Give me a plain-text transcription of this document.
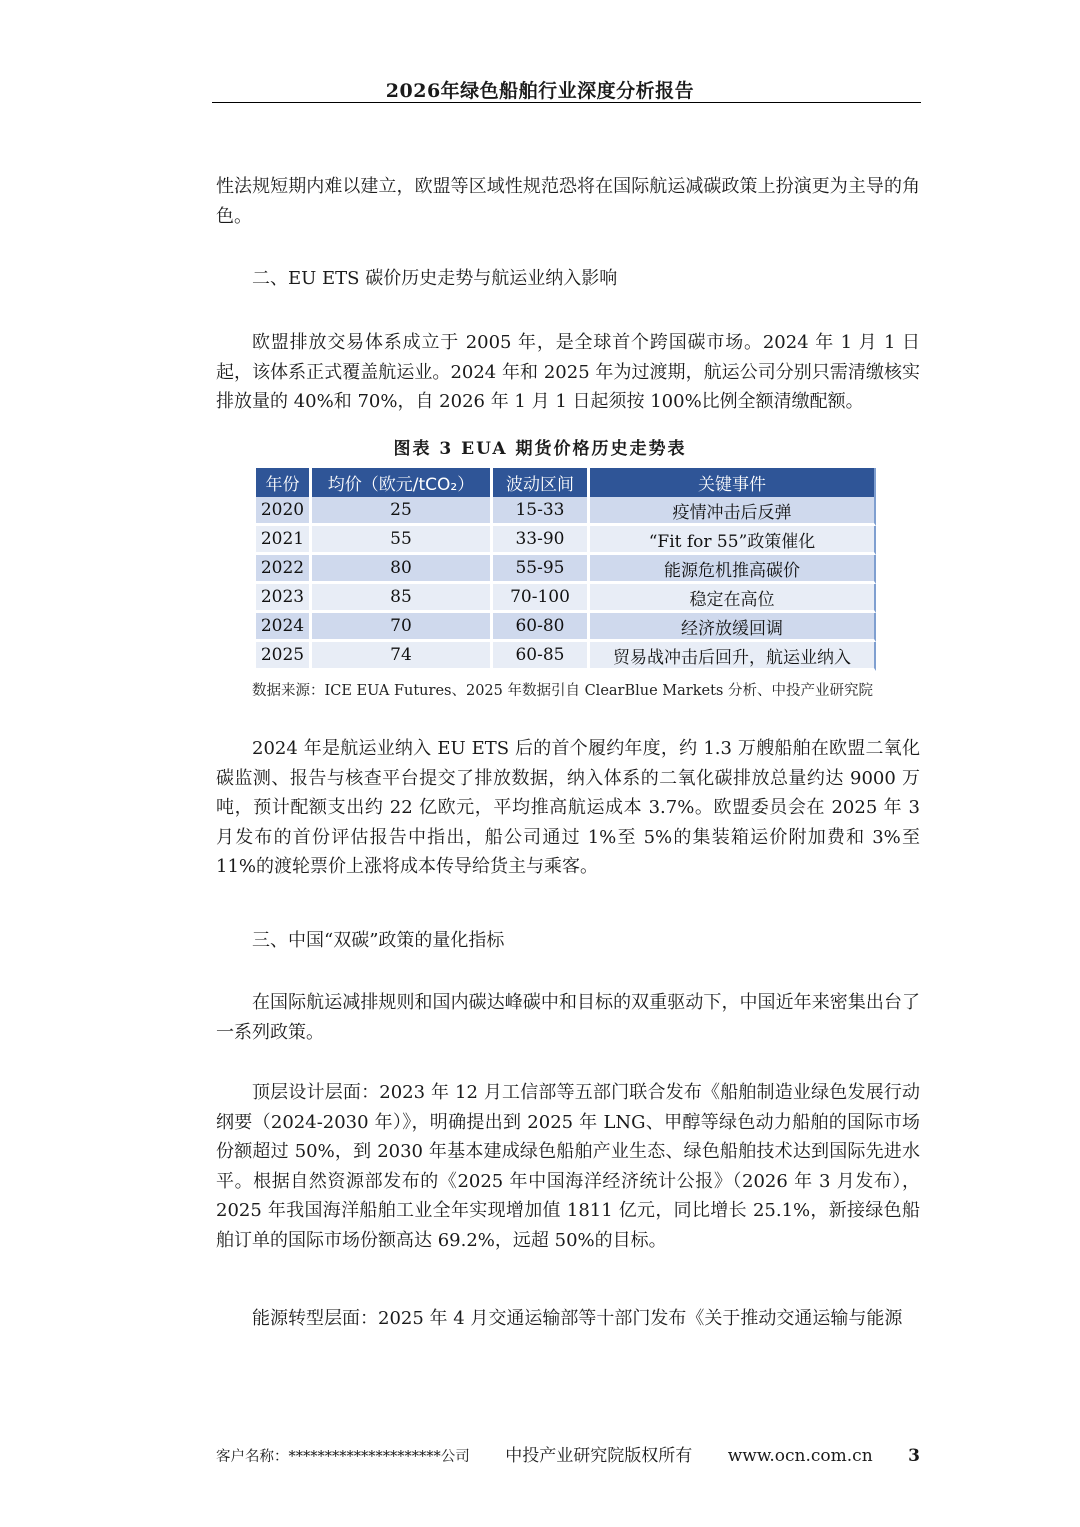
2026年绿色船舶行业深度分析报告

性法规短期内难以建立，欧盟等区域性规范恐将在国际航运减碳政策上扮演更为主导的角色。

二、EU ETS 碳价历史走势与航运业纳入影响

欧盟排放交易体系成立于 2005 年，是全球首个跨国碳市场。2024 年 1 月 1 日起，该体系正式覆盖航运业。2024 年和 2025 年为过渡期，航运公司分别只需清缴核实排放量的 40%和 70%，自 2026 年 1 月 1 日起须按 100%比例全额清缴配额。

图表 3 EUA 期货价格历史走势表
年份	均价（欧元/tCO₂）	波动区间	关键事件
2020	25	15-33	疫情冲击后反弹
2021	55	33-90	“Fit for 55”政策催化
2022	80	55-95	能源危机推高碳价
2023	85	70-100	稳定在高位
2024	70	60-80	经济放缓回调
2025	74	60-85	贸易战冲击后回升，航运业纳入
数据来源：ICE EUA Futures、2025 年数据引自 ClearBlue Markets 分析、中投产业研究院

2024 年是航运业纳入 EU ETS 后的首个履约年度，约 1.3 万艘船舶在欧盟二氧化碳监测、报告与核查平台提交了排放数据，纳入体系的二氧化碳排放总量约达 9000 万吨，预计配额支出约 22 亿欧元，平均推高航运成本 3.7%。欧盟委员会在 2025 年 3 月发布的首份评估报告中指出，船公司通过 1%至 5%的集装箱运价附加费和 3%至 11%的渡轮票价上涨将成本传导给货主与乘客。

三、中国“双碳”政策的量化指标

在国际航运减排规则和国内碳达峰碳中和目标的双重驱动下，中国近年来密集出台了一系列政策。

顶层设计层面：2023 年 12 月工信部等五部门联合发布《船舶制造业绿色发展行动纲要（2024-2030 年）》，明确提出到 2025 年 LNG、甲醇等绿色动力船舶的国际市场份额超过 50%，到 2030 年基本建成绿色船舶产业生态、绿色船舶技术达到国际先进水平。根据自然资源部发布的《2025 年中国海洋经济统计公报》（2026 年 3 月发布），2025 年我国海洋船舶工业全年实现增加值 1811 亿元，同比增长 25.1%，新接绿色船舶订单的国际市场份额高达 69.2%，远超 50%的目标。

能源转型层面：2025 年 4 月交通运输部等十部门发布《关于推动交通运输与能源

客户名称：*********************公司 中投产业研究院版权所有 www.ocn.com.cn 3
